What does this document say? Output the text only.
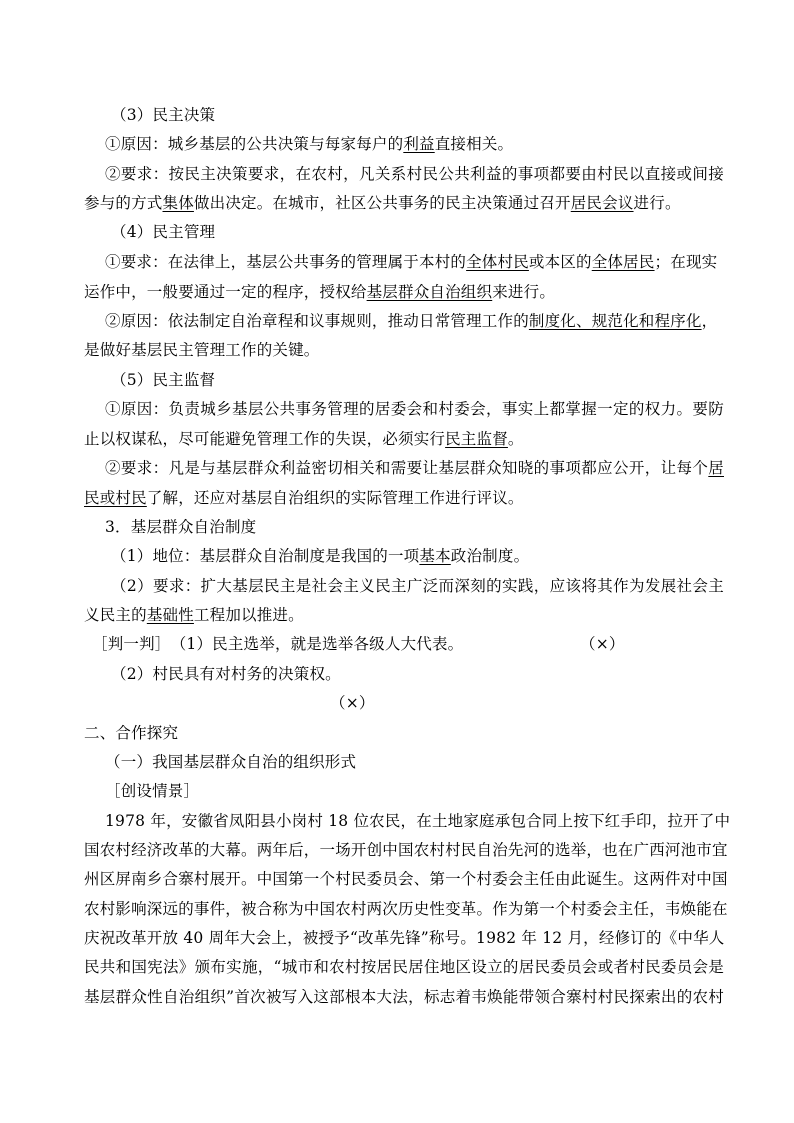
（3）民主决策
①原因：城乡基层的公共决策与每家每户的利益直接相关。
②要求：按民主决策要求，在农村，凡关系村民公共利益的事项都要由村民以直接或间接
参与的方式集体做出决定。在城市，社区公共事务的民主决策通过召开居民会议进行。
（4）民主管理
①要求：在法律上，基层公共事务的管理属于本村的全体村民或本区的全体居民；在现实
运作中，一般要通过一定的程序，授权给基层群众自治组织来进行。
②原因：依法制定自治章程和议事规则，推动日常管理工作的制度化、规范化和程序化，
是做好基层民主管理工作的关键。
（5）民主监督
①原因：负责城乡基层公共事务管理的居委会和村委会，事实上都掌握一定的权力。要防
止以权谋私，尽可能避免管理工作的失误，必须实行民主监督。
②要求：凡是与基层群众利益密切相关和需要让基层群众知晓的事项都应公开，让每个居
民或村民了解，还应对基层自治组织的实际管理工作进行评议。
3．基层群众自治制度
（1）地位：基层群众自治制度是我国的一项基本政治制度。
（2）要求：扩大基层民主是社会主义民主广泛而深刻的实践，应该将其作为发展社会主
义民主的基础性工程加以推进。
［判一判］　（1）民主选举，就是选举各级人大代表。	（×）
（2）村民具有对村务的决策权。
（×）
二、合作探究
（一）我国基层群众自治的组织形式
［创设情景］
1978 年，安徽省凤阳县小岗村 18 位农民，在土地家庭承包合同上按下红手印，拉开了中
国农村经济改革的大幕。两年后，一场开创中国农村村民自治先河的选举，也在广西河池市宜
州区屏南乡合寨村展开。中国第一个村民委员会、第一个村委会主任由此诞生。这两件对中国
农村影响深远的事件，被合称为中国农村两次历史性变革。作为第一个村委会主任，韦焕能在
庆祝改革开放 40 周年大会上，被授予“改革先锋”称号。1982 年 12 月，经修订的《中华人
民共和国宪法》颁布实施，“城市和农村按居民居住地区设立的居民委员会或者村民委员会是
基层群众性自治组织”首次被写入这部根本大法，标志着韦焕能带领合寨村村民探索出的农村
